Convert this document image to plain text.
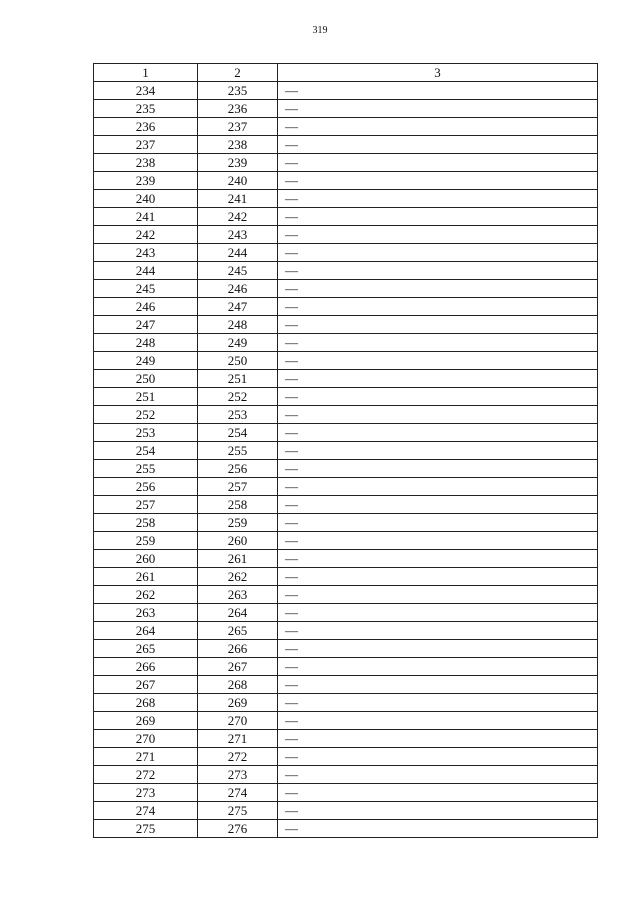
319
1	2	3
234	235	—
235	236	—
236	237	—
237	238	—
238	239	—
239	240	—
240	241	—
241	242	—
242	243	—
243	244	—
244	245	—
245	246	—
246	247	—
247	248	—
248	249	—
249	250	—
250	251	—
251	252	—
252	253	—
253	254	—
254	255	—
255	256	—
256	257	—
257	258	—
258	259	—
259	260	—
260	261	—
261	262	—
262	263	—
263	264	—
264	265	—
265	266	—
266	267	—
267	268	—
268	269	—
269	270	—
270	271	—
271	272	—
272	273	—
273	274	—
274	275	—
275	276	—
